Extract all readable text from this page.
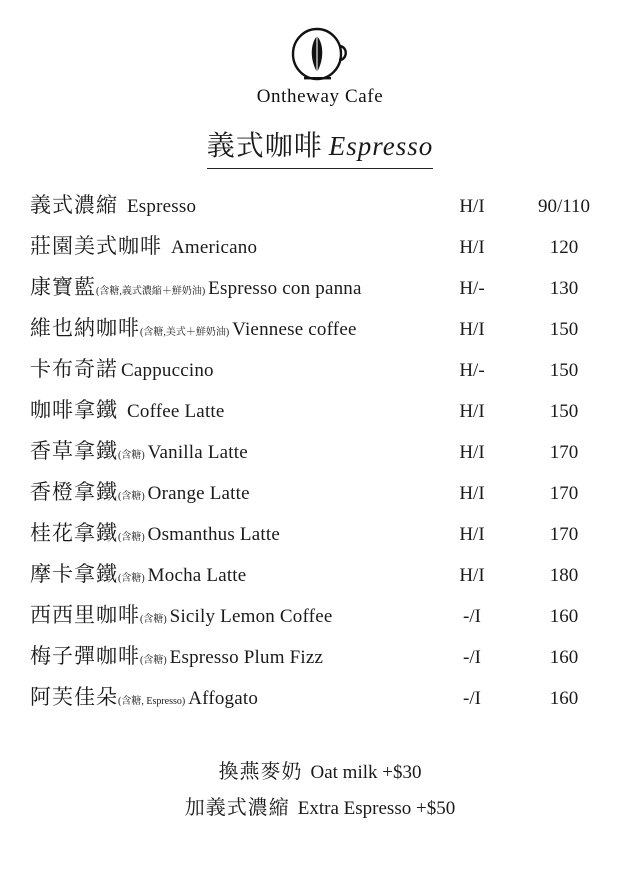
Ontheway Cafe
義式咖啡 Espresso
義式濃縮 Espresso	H/I	90/110
莊園美式咖啡 Americano	H/I	120
康寶藍(含糖,義式濃縮＋鮮奶油) Espresso con panna	H/-	130
維也納咖啡(含糖,美式＋鮮奶油) Viennese coffee	H/I	150
卡布奇諾 Cappuccino	H/-	150
咖啡拿鐵 Coffee Latte	H/I	150
香草拿鐵(含糖) Vanilla Latte	H/I	170
香橙拿鐵(含糖) Orange Latte	H/I	170
桂花拿鐵(含糖) Osmanthus Latte	H/I	170
摩卡拿鐵(含糖) Mocha Latte	H/I	180
西西里咖啡(含糖) Sicily Lemon Coffee	-/I	160
梅子彈咖啡(含糖) Espresso Plum Fizz	-/I	160
阿芙佳朵(含糖, Espresso) Affogato	-/I	160
換燕麥奶 Oat milk +$30
加義式濃縮 Extra Espresso +$50
